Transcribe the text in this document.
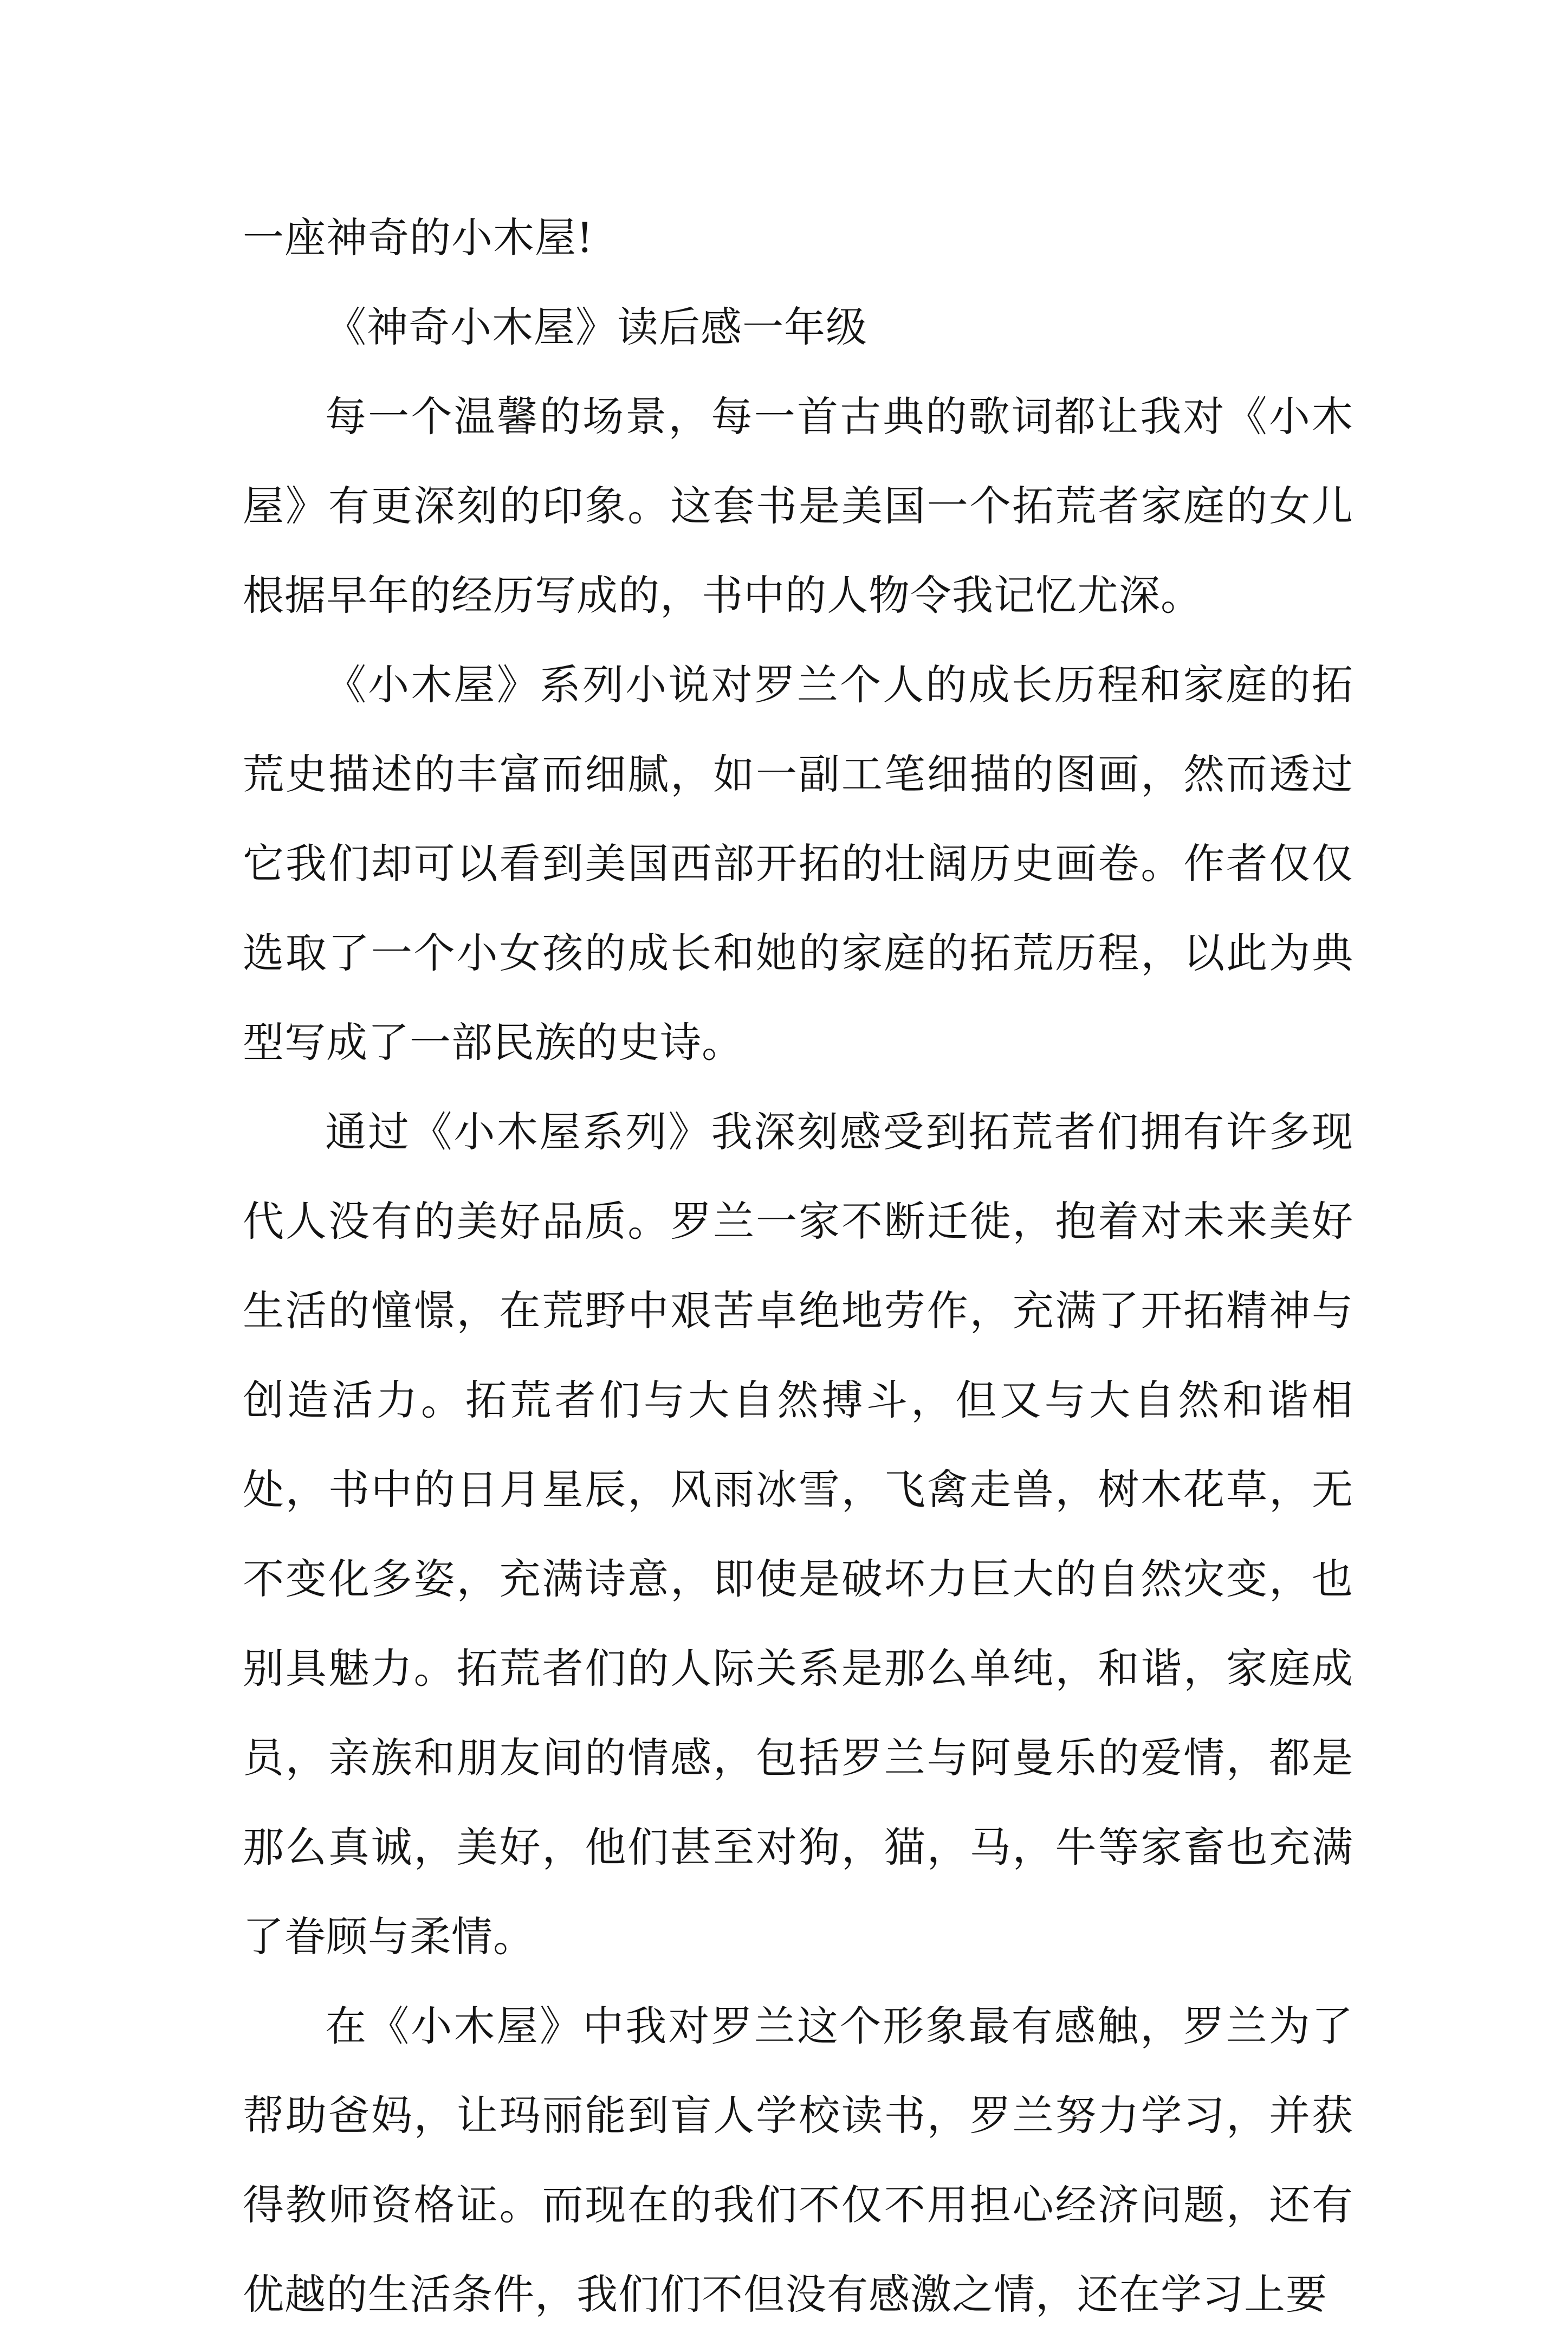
一座神奇的小木屋!

《神奇小木屋》读后感一年级

每一个温馨的场景，每一首古典的歌词都让我对《小木屋》有更深刻的印象。这套书是美国一个拓荒者家庭的女儿根据早年的经历写成的，书中的人物令我记忆尤深。

《小木屋》系列小说对罗兰个人的成长历程和家庭的拓荒史描述的丰富而细腻，如一副工笔细描的图画，然而透过它我们却可以看到美国西部开拓的壮阔历史画卷。作者仅仅选取了一个小女孩的成长和她的家庭的拓荒历程，以此为典型写成了一部民族的史诗。

通过《小木屋系列》我深刻感受到拓荒者们拥有许多现代人没有的美好品质。罗兰一家不断迁徙，抱着对未来美好生活的憧憬，在荒野中艰苦卓绝地劳作，充满了开拓精神与创造活力。拓荒者们与大自然搏斗，但又与大自然和谐相处，书中的日月星辰，风雨冰雪，飞禽走兽，树木花草，无不变化多姿，充满诗意，即使是破坏力巨大的自然灾变，也别具魅力。拓荒者们的人际关系是那么单纯，和谐，家庭成员，亲族和朋友间的情感，包括罗兰与阿曼乐的爱情，都是那么真诚，美好，他们甚至对狗，猫，马，牛等家畜也充满了眷顾与柔情。

在《小木屋》中我对罗兰这个形象最有感触，罗兰为了帮助爸妈，让玛丽能到盲人学校读书，罗兰努力学习，并获得教师资格证。而现在的我们不仅不用担心经济问题，还有优越的生活条件，我们们不但没有感激之情，还在学习上要
